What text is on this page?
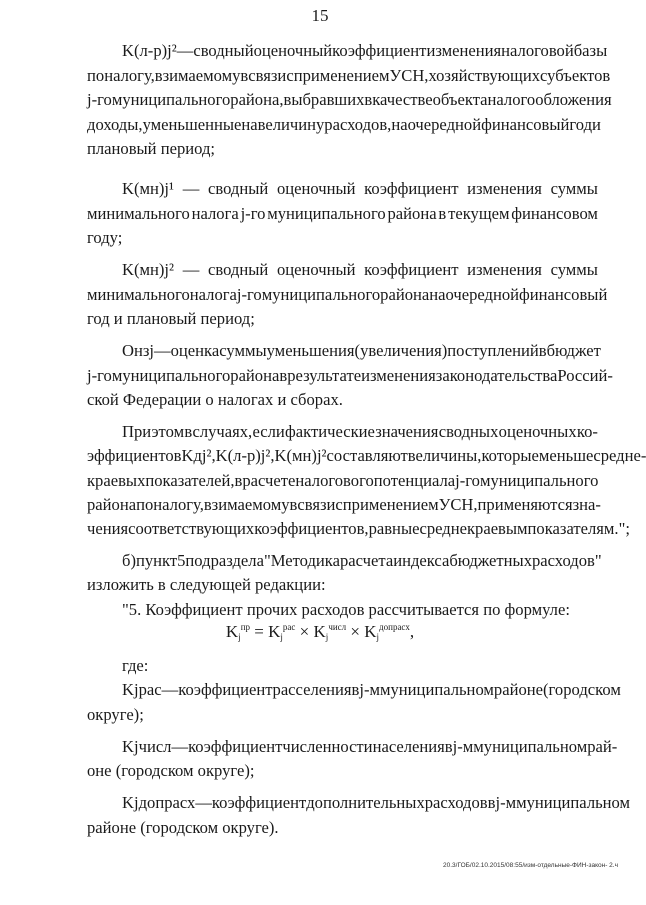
15
K(л-р)j² — сводный оценочный коэффициент изменения налоговой базы
по налогу, взимаемому в связи с применением УСН, хозяйствующих субъектов
j-го муниципального района, выбравших в качестве объекта налогообложения
доходы, уменьшенные на величину расходов, на очередной финансовый год и
плановый период;
K(мн)j¹ — сводный оценочный коэффициент изменения суммы
минимального налога j-го муниципального района в текущем финансовом
году;
K(мн)j² — сводный оценочный коэффициент изменения суммы
минимального налога j-го муниципального района на очередной финансовый
год и плановый период;
Oнзj — оценка суммы уменьшения (увеличения) поступлений в бюджет
j-го муниципального района в результате изменения законодательства Россий-
ской Федерации о налогах и сборах.
При этом в случаях, если фактические значения сводных оценочных ко-
эффициентов Kдj², K(л-р)j², K(мн)j² составляют величины, которые меньше средне-
краевых показателей, в расчете налогового потенциала j-го муниципального
района по налогу, взимаемому в связи с применением УСН, применяются зна-
чения соответствующих коэффициентов, равные среднекраевым показателям.";
б) пункт 5 подраздела "Методика расчета индекса бюджетных расходов"
изложить в следующей редакции:
"5. Коэффициент прочих расходов рассчитывается по формуле:
где:
Kjрас — коэффициент расселения в j-м муниципальном районе (городском
округе);
Kjчисл — коэффициент численности населения в j-м муниципальном рай-
оне (городском округе);
Kjдопрасх — коэффициент дополнительных расходов в j-м муниципальном
районе (городском округе).
$K_j^{пр} = K_j^{рас} \times K_j^{числ} \times K_j^{допрасх}$,
20.3/ГОБ/02.10.2015/08:55/изм-отдельные-ФИН-закон- 2.ч
